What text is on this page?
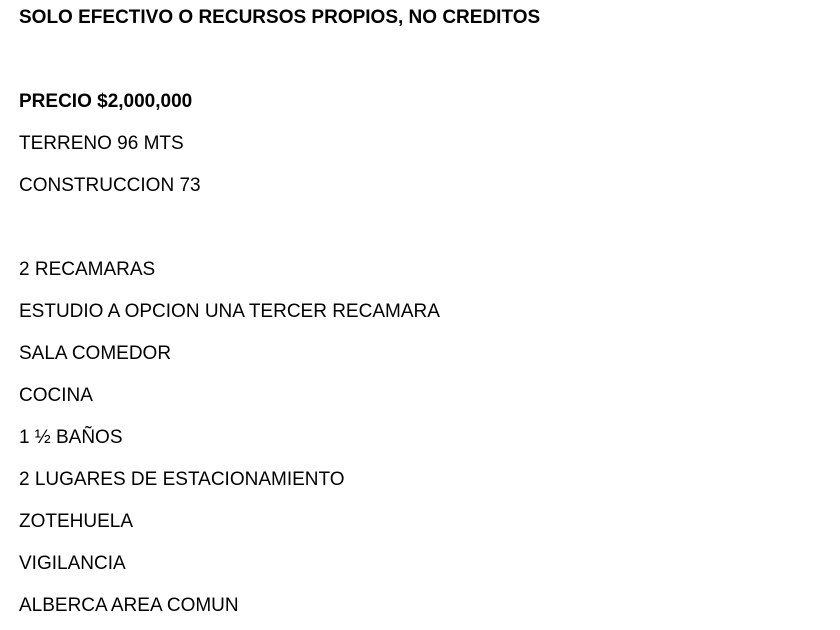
SOLO EFECTIVO O RECURSOS PROPIOS, NO CREDITOS
PRECIO $2,000,000
TERRENO 96 MTS
CONSTRUCCION 73
2 RECAMARAS
ESTUDIO A OPCION UNA TERCER RECAMARA
SALA COMEDOR
COCINA
1 ½ BAÑOS
2 LUGARES DE ESTACIONAMIENTO
ZOTEHUELA
VIGILANCIA
ALBERCA AREA COMUN
